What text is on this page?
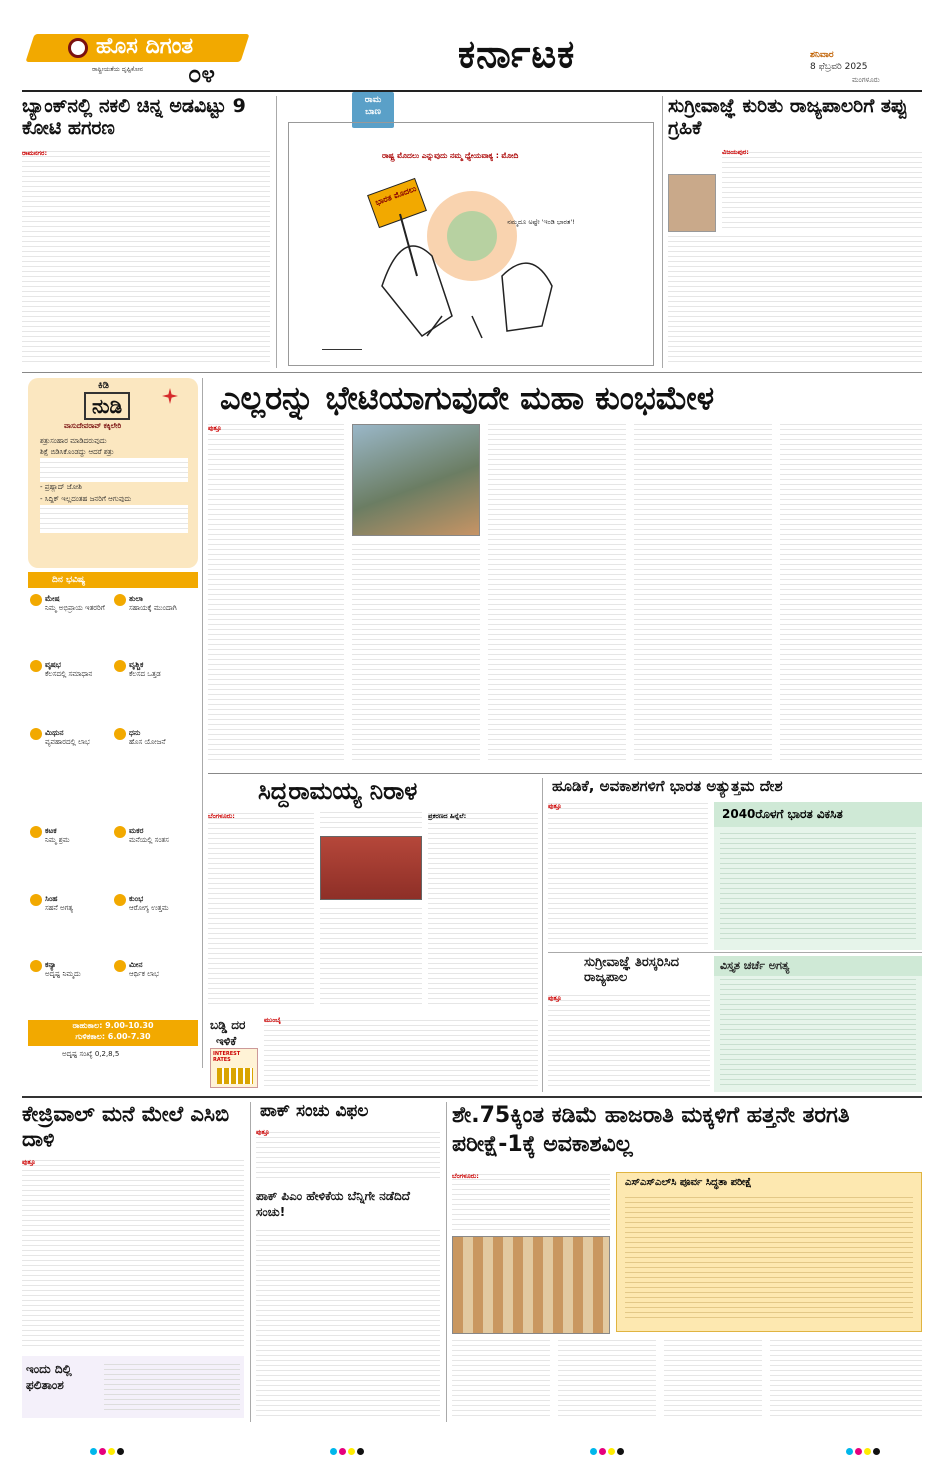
ಹೊಸ ದಿಗಂತ
ರಾಷ್ಟ್ರೀಯತೆಯ ದೃಷ್ಟಿಕೋನ ೦೪	ಕರ್ನಾಟಕ	ಶನಿವಾರ
8 ಫೆಬ್ರವರಿ 2025
ಮಂಗಳೂರು
ಬ್ಯಾಂಕ್‌ನಲ್ಲಿ ನಕಲಿ ಚಿನ್ನ ಅಡವಿಟ್ಟು 9 ಕೋಟಿ ಹಗರಣ
ರಾಮನಗರ:
ರಾಮ
ಬಾಣ
ರಾಷ್ಟ್ರ ಮೊದಲು ಎನ್ನುವುದು ನಮ್ಮ ಧ್ಯೇಯವಾಕ್ಯ : ಮೋದಿ
ಭಾರತ ಮೊದಲು
ನಮ್ಮದೂ ಅಷ್ಟೇ 'ಇಂಡಿ ಭಾರತ'!
ಸುಗ್ರೀವಾಜ್ಞೆ ಕುರಿತು ರಾಜ್ಯಪಾಲರಿಗೆ ತಪ್ಪು ಗ್ರಹಿಕೆ
ವಿಜಯಪುರ:
ಕಿಡಿ
ನುಡಿ
ವಾಸುದೇವರಾವ್ ಕಕ್ಕಿಲೇರಿ
ಶತ್ರುಸಂಹಾರ ಮಾಡಿದರುವುದು
ಶಿಕ್ಷೆ ಬಿಡಿಸಿಕೊಂಡದ್ದು ಆದರೆ ಶತ್ರು
- ಪ್ರಹ್ಲಾದ್ ಜೋಶಿ
- ಸಿದ್ದಿಕ್ ಇಲ್ಲದಂತಹ ಜನರಿಗೆ ಆಗುವುದು
ದಿನ ಭವಿಷ್ಯ
ಮೇಷ
ನಿಮ್ಮ ಅಭಿಪ್ರಾಯ ಇತರರಿಗೆ
ತುಲಾ
ಸಹಾಯಕ್ಕೆ ಮುಂದಾಗಿ
ವೃಷಭ
ಕೆಲಸದಲ್ಲಿ ಸಮಾಧಾನ
ವೃಶ್ಚಿಕ
ಕೆಲಸದ ಒತ್ತಡ
ಮಿಥುನ
ವ್ಯವಹಾರದಲ್ಲಿ ಲಾಭ
ಧನು
ಹೊಸ ಯೋಜನೆ
ಕಟಕ
ನಿಮ್ಮ ಶ್ರಮ
ಮಕರ
ಮನೆಯಲ್ಲಿ ಸಂತಸ
ಸಿಂಹ
ಸಹನೆ ಅಗತ್ಯ
ಕುಂಭ
ಆರೋಗ್ಯ ಉತ್ತಮ
ಕನ್ಯಾ
ಅದೃಷ್ಟ ನಿಮ್ಮದು
ಮೀನ
ಆರ್ಥಿಕ ಲಾಭ
ರಾಹುಕಾಲ: 9.00-10.30
ಗುಳಿಕಕಾಲ: 6.00-7.30
ಅದೃಷ್ಟ ಸಂಖ್ಯೆ 0,2,8,5
ಎಲ್ಲರನ್ನು ಭೇಟಿಯಾಗುವುದೇ ಮಹಾ ಕುಂಭಮೇಳ
ಪುತ್ತೂ
ಸಿದ್ದರಾಮಯ್ಯ ನಿರಾಳ
ಬೆಂಗಳೂರು:	ಪ್ರಕರಣದ ಹಿನ್ನೆಲೆ:
ಬಡ್ಡಿ ದರ
ಇಳಿಕೆ
INTEREST RATES
ಮುಂಬೈ
ಹೂಡಿಕೆ, ಅವಕಾಶಗಳಿಗೆ ಭಾರತ ಅತ್ಯುತ್ತಮ ದೇಶ
ಪುತ್ತೂ
2040ರೊಳಗೆ ಭಾರತ ವಿಕಸಿತ
ಸುಗ್ರೀವಾಜ್ಞೆ ತಿರಸ್ಕರಿಸಿದ ರಾಜ್ಯಪಾಲ
ಪುತ್ತೂ
ವಿಸ್ತೃತ ಚರ್ಚೆ ಅಗತ್ಯ
ಕೇಜ್ರಿವಾಲ್ ಮನೆ ಮೇಲೆ ಎಸಿಬಿ ದಾಳಿ
ಪುತ್ತೂ
ಇಂದು ದಿಲ್ಲಿ
ಫಲಿತಾಂಶ
ಪಾಕ್ ಸಂಚು ವಿಫಲ
ಪುತ್ತೂ
ಪಾಕ್ ಪಿಎಂ ಹೇಳಿಕೆಯ ಬೆನ್ನಿಗೇ ನಡೆದಿದೆ ಸಂಚು!
ಶೇ.75ಕ್ಕಿಂತ ಕಡಿಮೆ ಹಾಜರಾತಿ ಮಕ್ಕಳಿಗೆ ಹತ್ತನೇ ತರಗತಿ ಪರೀಕ್ಷೆ-1ಕ್ಕೆ ಅವಕಾಶವಿಲ್ಲ
ಬೆಂಗಳೂರು:
ಎಸ್‌ಎಸ್‌ಎಲ್‌ಸಿ ಪೂರ್ವ ಸಿದ್ಧತಾ ಪರೀಕ್ಷೆ
